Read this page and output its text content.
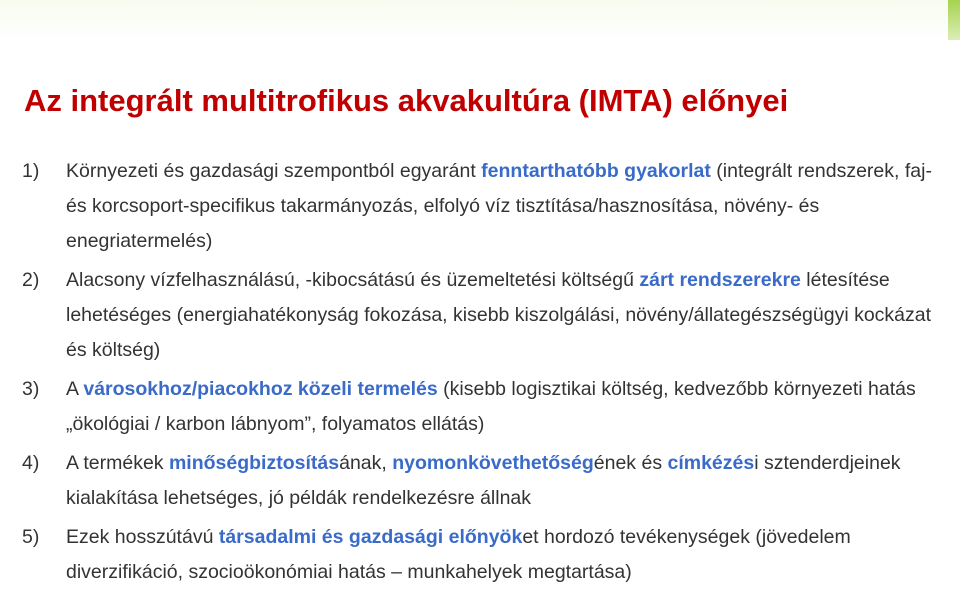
Az integrált multitrofikus akvakultúra (IMTA) előnyei
1)	Környezeti és gazdasági szempontból egyaránt fenntarthatóbb gyakorlat (integrált rendszerek, faj- és korcsoport-specifikus takarmányozás, elfolyó víz tisztítása/hasznosítása, növény- és enegriatermelés)
2)	Alacsony vízfelhasználású, -kibocsátású és üzemeltetési költségű zárt rendszerekre létesítése lehetéséges (energiahatékonyság fokozása, kisebb kiszolgálási, növény/állategészségügyi kockázat és költség)
3)	A városokhoz/piacokhoz közeli termelés (kisebb logisztikai költség, kedvezőbb környezeti hatás „ökológiai / karbon lábnyom”, folyamatos ellátás)
4)	A termékek minőségbiztosításának, nyomonkövethetőségének és címkézési sztenderdjeinek kialakítása lehetséges, jó példák rendelkezésre állnak
5)	Ezek hosszútávú társadalmi és gazdasági előnyöket hordozó tevékenységek (jövedelem diverzifikáció, szocioökonómiai hatás – munkahelyek megtartása)
